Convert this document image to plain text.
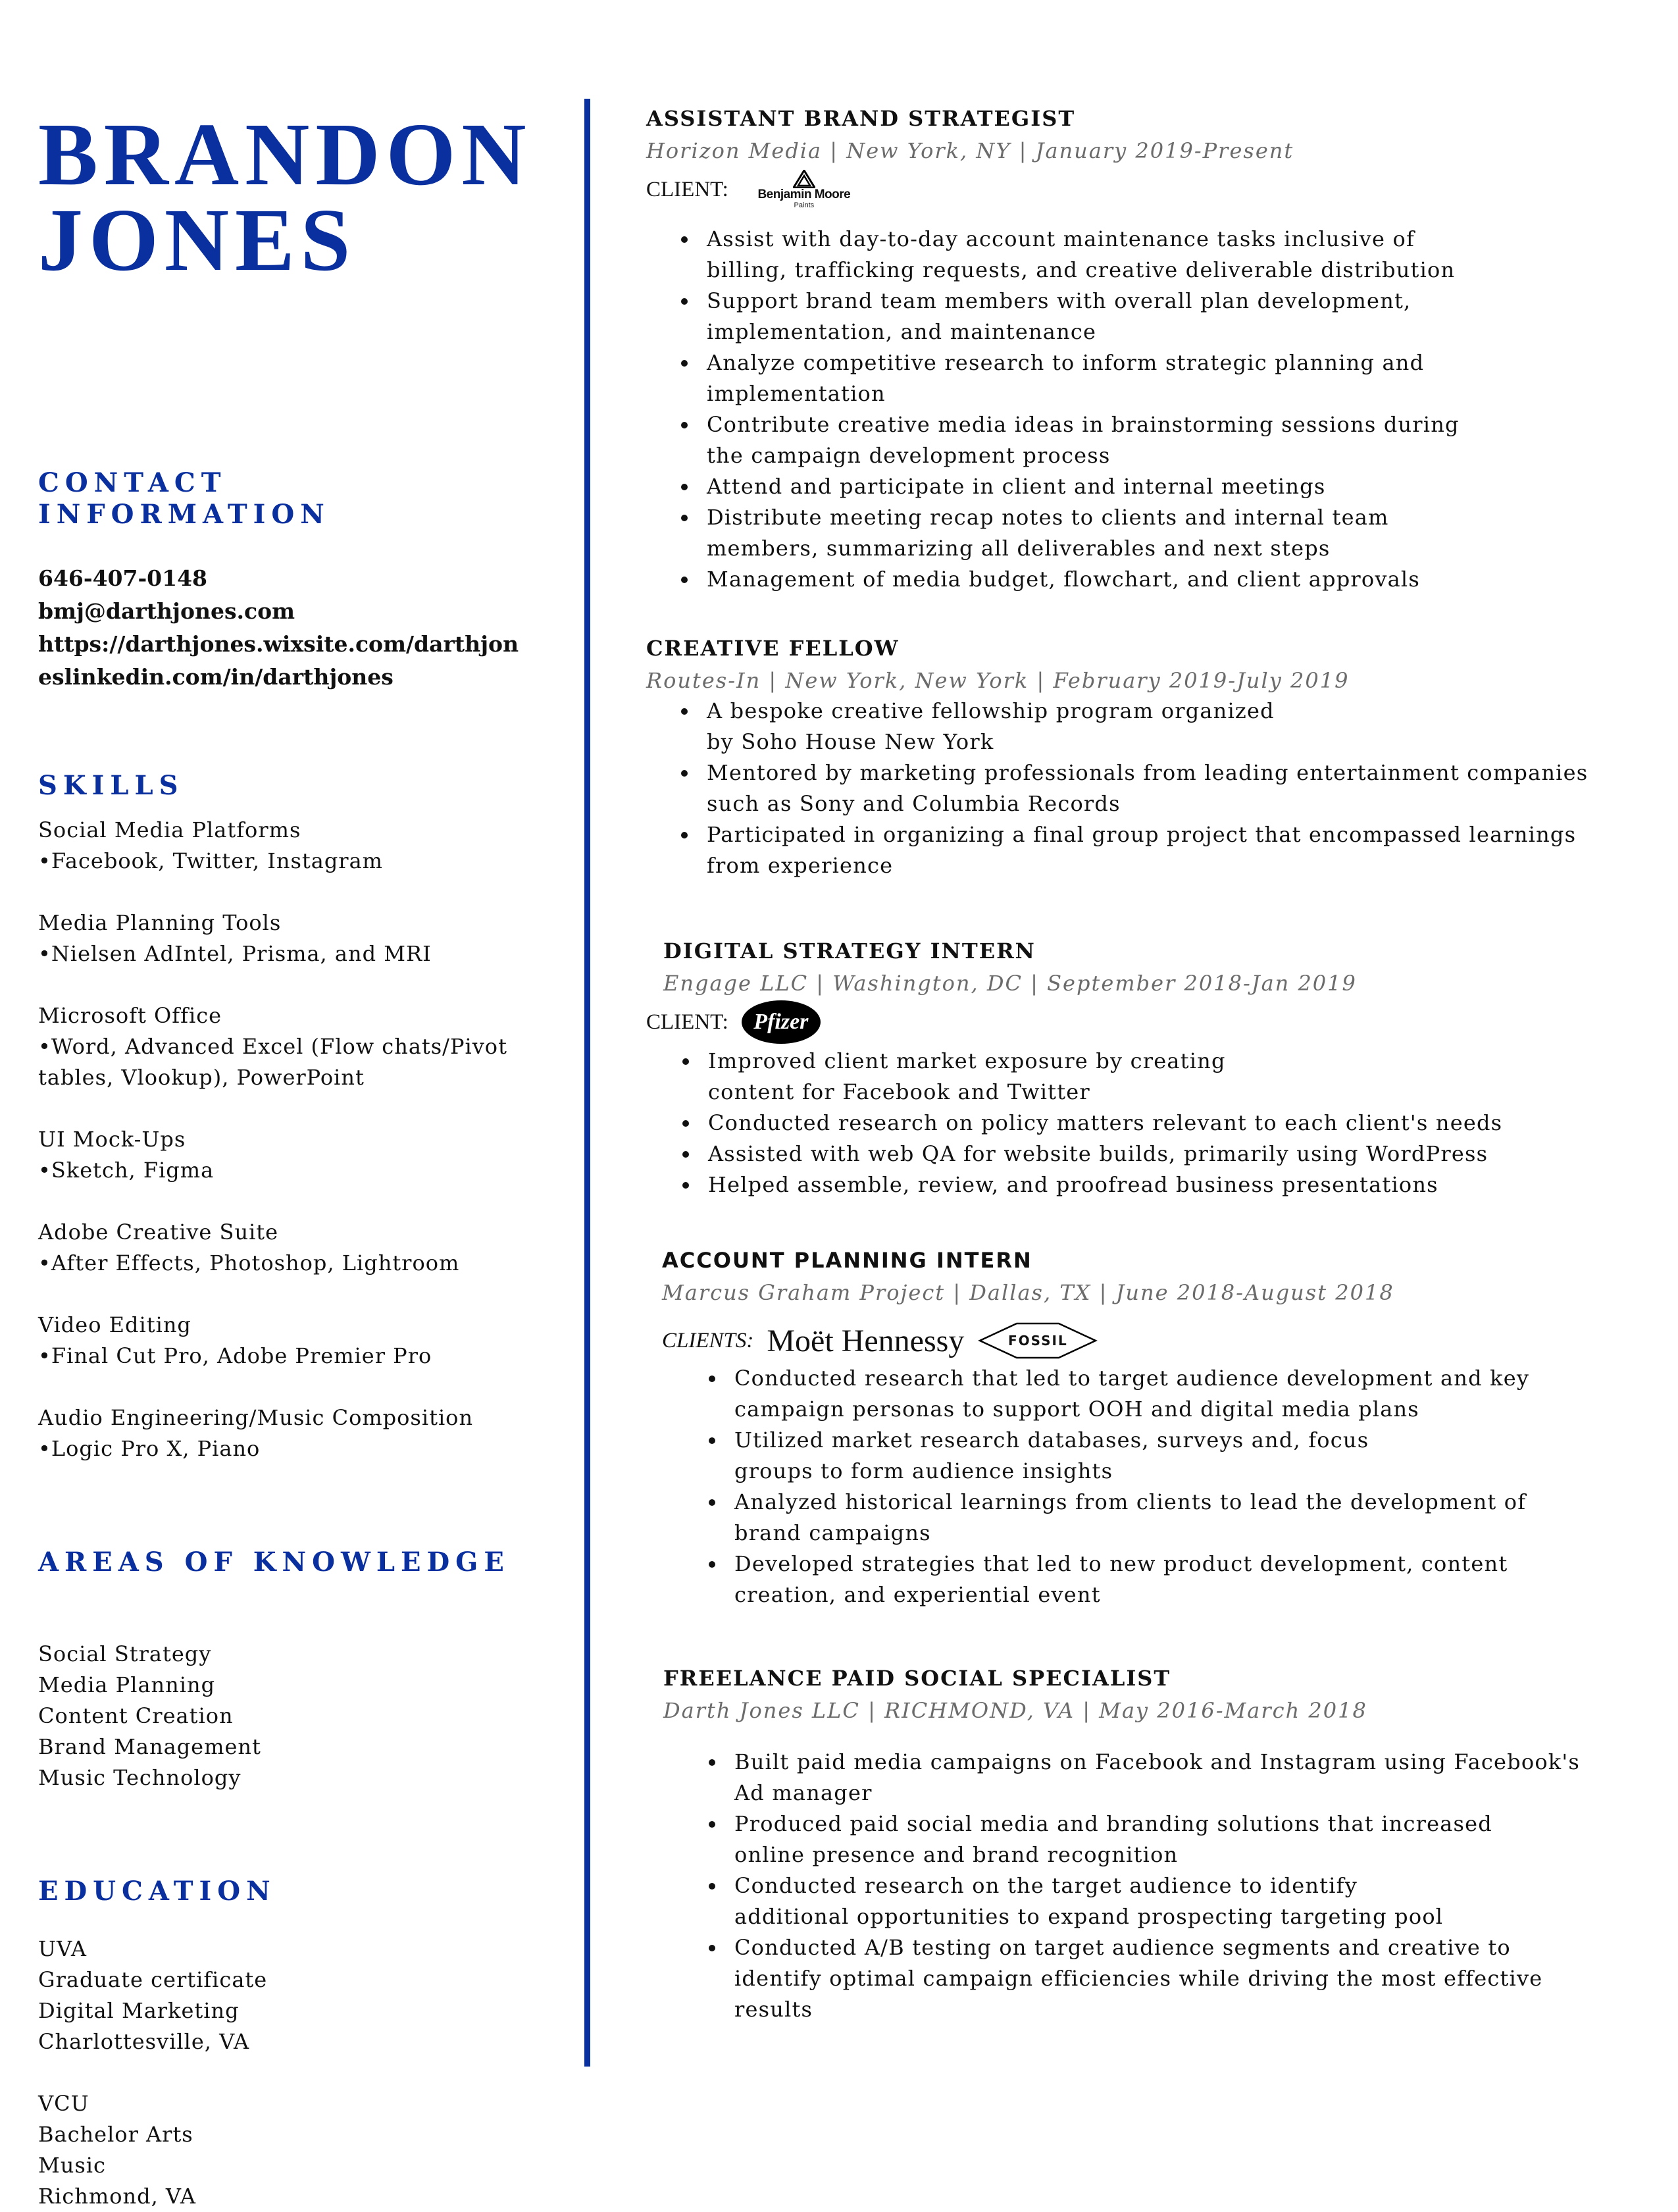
BRANDON
JONES
CONTACT
INFORMATION
646-407-0148
bmj@darthjones.com
https://darthjones.wixsite.com/darthjon
eslinkedin.com/in/darthjones
SKILLS
Social Media Platforms
•Facebook, Twitter, Instagram
Media Planning Tools
•Nielsen AdIntel, Prisma, and MRI
Microsoft Office
•Word, Advanced Excel (Flow chats/Pivot
tables, Vlookup), PowerPoint
UI Mock-Ups
•Sketch, Figma
Adobe Creative Suite
•After Effects, Photoshop, Lightroom
Video Editing
•Final Cut Pro, Adobe Premier Pro
Audio Engineering/Music Composition
•Logic Pro X, Piano
AREAS OF KNOWLEDGE
Social Strategy
Media Planning
Content Creation
Brand Management
Music Technology
EDUCATION
UVA
Graduate certificate
Digital Marketing
Charlottesville, VA
VCU
Bachelor Arts
Music
Richmond, VA
ASSISTANT BRAND STRATEGIST
Horizon Media | New York, NY | January 2019-Present
CLIENT: Benjamin Moore
Paints
• Assist with day-to-day account maintenance tasks inclusive of billing, trafficking requests, and creative deliverable distribution
• Support brand team members with overall plan development, implementation, and maintenance
• Analyze competitive research to inform strategic planning and implementation
• Contribute creative media ideas in brainstorming sessions during the campaign development process
• Attend and participate in client and internal meetings
• Distribute meeting recap notes to clients and internal team members, summarizing all deliverables and next steps
• Management of media budget, flowchart, and client approvals
CREATIVE FELLOW
Routes-In | New York, New York | February 2019-July 2019
• A bespoke creative fellowship program organized by Soho House New York
• Mentored by marketing professionals from leading entertainment companies such as Sony and Columbia Records
• Participated in organizing a final group project that encompassed learnings from experience
DIGITAL STRATEGY INTERN
Engage LLC | Washington, DC | September 2018-Jan 2019
CLIENT:	Pfizer
• Improved client market exposure by creating content for Facebook and Twitter
• Conducted research on policy matters relevant to each client's needs
• Assisted with web QA for website builds, primarily using WordPress
• Helped assemble, review, and proofread business presentations
ACCOUNT PLANNING INTERN
Marcus Graham Project | Dallas, TX | June 2018-August 2018
CLIENTS: Moët Hennessy	FOSSIL
• Conducted research that led to target audience development and key campaign personas to support OOH and digital media plans
• Utilized market research databases, surveys and, focus groups to form audience insights
• Analyzed historical learnings from clients to lead the development of brand campaigns
• Developed strategies that led to new product development, content creation, and experiential event
FREELANCE PAID SOCIAL SPECIALIST
Darth Jones LLC | RICHMOND, VA | May 2016-March 2018
• Built paid media campaigns on Facebook and Instagram using Facebook's Ad manager
• Produced paid social media and branding solutions that increased online presence and brand recognition
• Conducted research on the target audience to identify additional opportunities to expand prospecting targeting pool
• Conducted A/B testing on target audience segments and creative to identify optimal campaign efficiencies while driving the most effective results
